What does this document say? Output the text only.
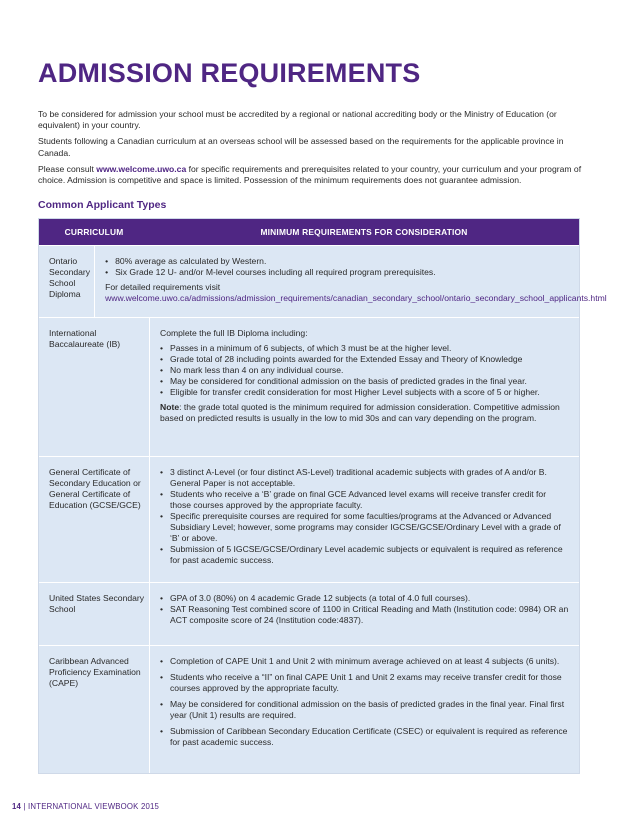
ADMISSION REQUIREMENTS

To be considered for admission your school must be accredited by a regional or national accrediting body or the Ministry of Education (or equivalent) in your country.

Students following a Canadian curriculum at an overseas school will be assessed based on the requirements for the applicable province in Canada.

Please consult www.welcome.uwo.ca for specific requirements and prerequisites related to your country, your curriculum and your program of choice. Admission is competitive and space is limited. Possession of the minimum requirements does not guarantee admission.

Common Applicant Types
CURRICULUM	MINIMUM REQUIREMENTS FOR CONSIDERATION
Ontario Secondary School Diploma
• 80% average as calculated by Western.
• Six Grade 12 U- and/or M-level courses including all required program prerequisites.

For detailed requirements visit www.welcome.uwo.ca/admissions/admission_requirements/canadian_secondary_school/ontario_secondary_school_applicants.html

International Baccalaureate (IB)

Complete the full IB Diploma including:

• Passes in a minimum of 6 subjects, of which 3 must be at the higher level.
• Grade total of 28 including points awarded for the Extended Essay and Theory of Knowledge
• No mark less than 4 on any individual course.
• May be considered for conditional admission on the basis of predicted grades in the final year.
• Eligible for transfer credit consideration for most Higher Level subjects with a score of 5 or higher.

Note: the grade total quoted is the minimum required for admission consideration. Competitive admission based on predicted results is usually in the low to mid 30s and can vary depending on the program.

General Certificate of Secondary Education or General Certificate of Education (GCSE/GCE)
• 3 distinct A-Level (or four distinct AS-Level) traditional academic subjects with grades of A and/or B. General Paper is not acceptable.
• Students who receive a ‘B’ grade on final GCE Advanced level exams will receive transfer credit for those courses approved by the appropriate faculty.
• Specific prerequisite courses are required for some faculties/programs at the Advanced or Advanced Subsidiary Level; however, some programs may consider IGCSE/GCSE/Ordinary Level with a grade of ‘B’ or above.
• Submission of 5 IGCSE/GCSE/Ordinary Level academic subjects or equivalent is required as reference for past academic success.
United States Secondary School
• GPA of 3.0 (80%) on 4 academic Grade 12 subjects (a total of 4.0 full courses).
• SAT Reasoning Test combined score of 1100 in Critical Reading and Math (Institution code: 0984) OR an ACT composite score of 24 (Institution code:4837).
Caribbean Advanced Proficiency Examination (CAPE)
• Completion of CAPE Unit 1 and Unit 2 with minimum average achieved on at least 4 subjects (6 units).
• Students who receive a “II” on final CAPE Unit 1 and Unit 2 exams may receive transfer credit for those courses approved by the appropriate faculty.
• May be considered for conditional admission on the basis of predicted grades in the final year. Final first year (Unit 1) results are required.
• Submission of Caribbean Secondary Education Certificate (CSEC) or equivalent is required as reference for past academic success.
14 | INTERNATIONAL VIEWBOOK 2015
